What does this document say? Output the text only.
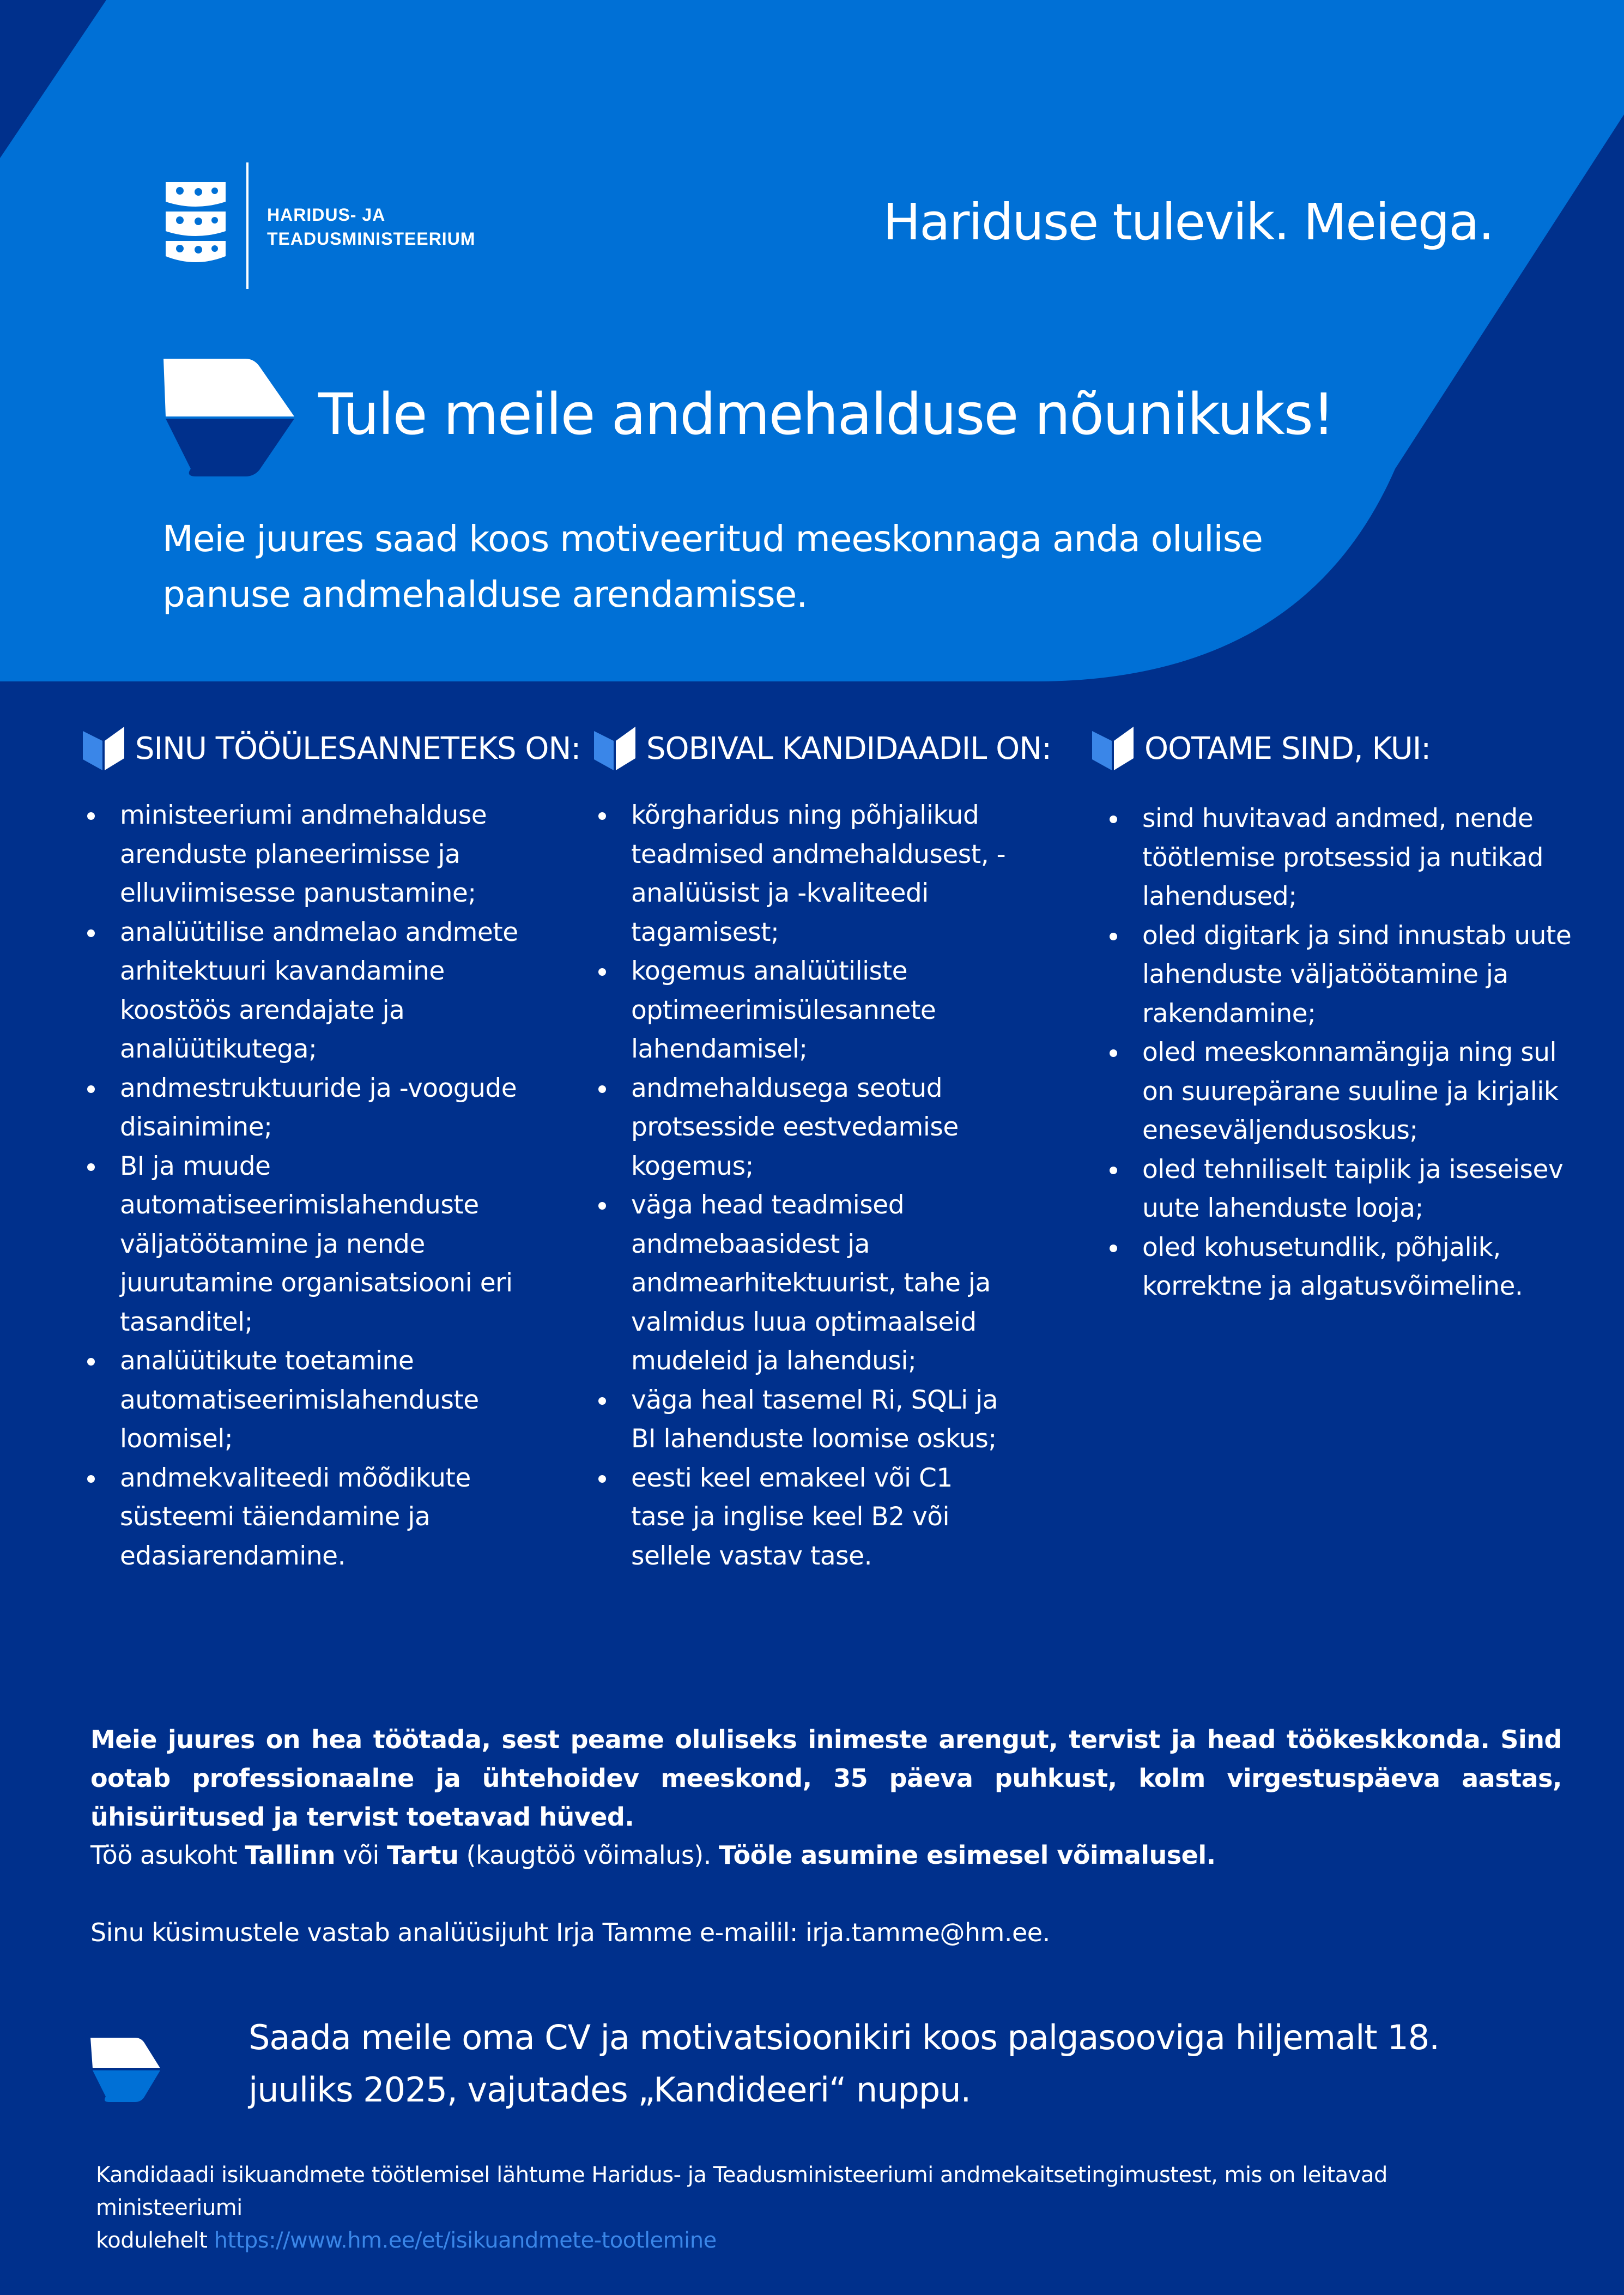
HARIDUS- JA
TEADUSMINISTEERIUM	Hariduse tulevik. Meiega.
Tule meile andmehalduse nõunikuks!
Meie juures saad koos motiveeritud meeskonnaga anda olulise panuse andmehalduse arendamisse.
SINU TÖÖÜLESANNETEKS ON:
ministeeriumi andmehalduse arenduste planeerimisse ja elluviimisesse panustamine;
analüütilise andmelao andmete arhitektuuri kavandamine koostöös arendajate ja analüütikutega;
andmestruktuuride ja -voogude disainimine;
BI ja muude automatiseerimislahenduste väljatöötamine ja nende juurutamine organisatsiooni eri tasanditel;
analüütikute toetamine automatiseerimislahenduste loomisel;
andmekvaliteedi mõõdikute süsteemi täiendamine ja edasiarendamine.
SOBIVAL KANDIDAADIL ON:
kõrgharidus ning põhjalikud teadmised andmehaldusest, -analüüsist ja -kvaliteedi tagamisest;
kogemus analüütiliste optimeerimisülesannete lahendamisel;
andmehaldusega seotud protsesside eestvedamise kogemus;
väga head teadmised andmebaasidest ja andmearhitektuurist, tahe ja valmidus luua optimaalseid mudeleid ja lahendusi;
väga heal tasemel Ri, SQLi ja BI lahenduste loomise oskus;
eesti keel emakeel või C1 tase ja inglise keel B2 või sellele vastav tase.
OOTAME SIND, KUI:
sind huvitavad andmed, nende töötlemise protsessid ja nutikad lahendused;
oled digitark ja sind innustab uute lahenduste väljatöötamine ja rakendamine;
oled meeskonnamängija ning sul on suurepärane suuline ja kirjalik eneseväljendusoskus;
oled tehniliselt taiplik ja iseseisev uute lahenduste looja;
oled kohusetundlik, põhjalik, korrektne ja algatusvõimeline.
Meie juures on hea töötada, sest peame oluliseks inimeste arengut, tervist ja head töökeskkonda. Sind ootab professionaalne ja ühtehoidev meeskond, 35 päeva puhkust, kolm virgestuspäeva aastas, ühisüritused ja tervist toetavad hüved.
Töö asukoht Tallinn või Tartu (kaugtöö võimalus). Tööle asumine esimesel võimalusel.
Sinu küsimustele vastab analüüsijuht Irja Tamme e-mailil: irja.tamme@hm.ee.
Saada meile oma CV ja motivatsioonikiri koos palgasooviga hiljemalt 18.
juuliks 2025, vajutades „Kandideeri“ nuppu.
Kandidaadi isikuandmete töötlemisel lähtume Haridus- ja Teadusministeeriumi andmekaitsetingimustest, mis on leitavad ministeeriumi
kodulehelt https://www.hm.ee/et/isikuandmete-tootlemine
